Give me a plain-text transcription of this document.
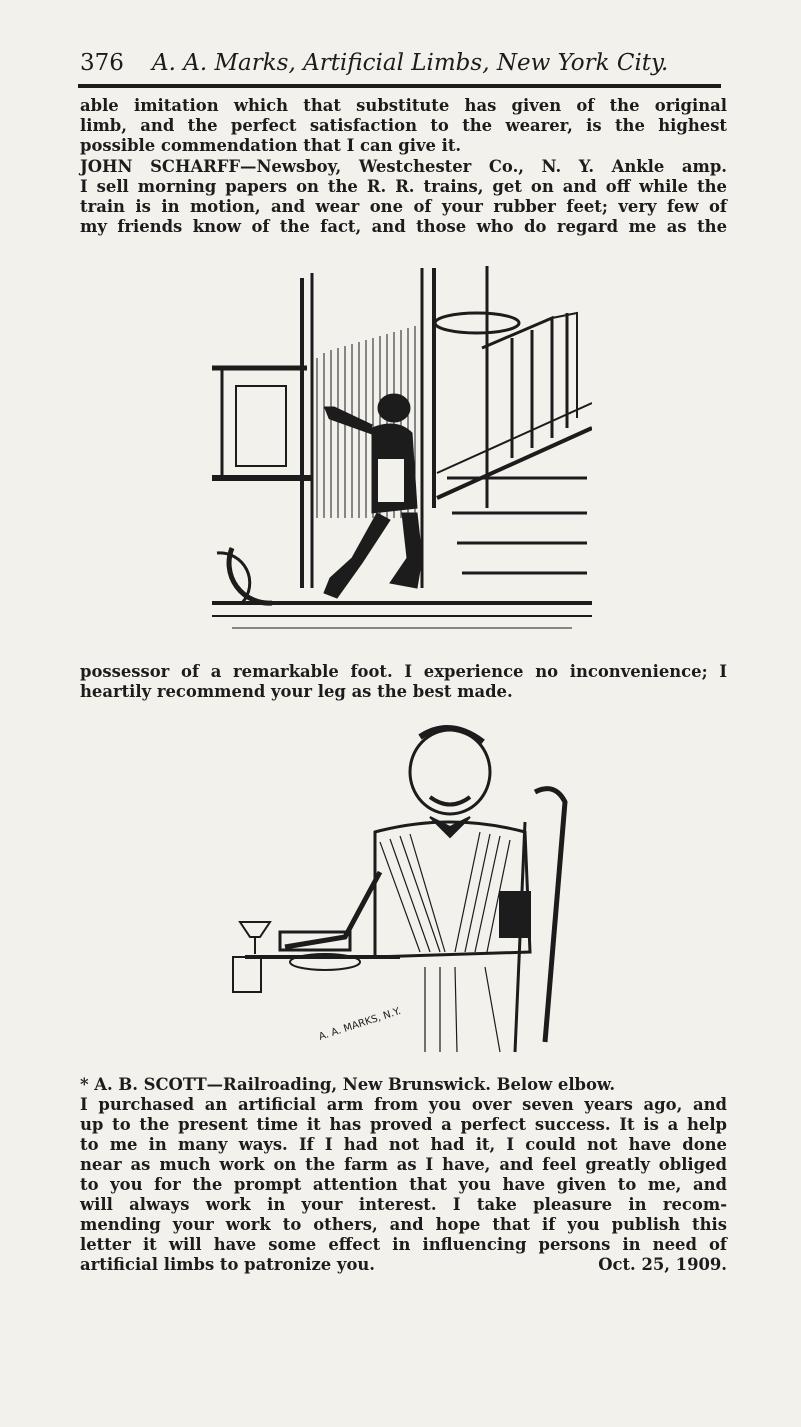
376 A. A. Marks, Artificial Limbs, New York City.
able imitation which that substitute has given of the original
limb, and the perfect satisfaction to the wearer, is the highest
possible commendation that I can give it.
JOHN SCHARFF—Newsboy, Westchester Co., N. Y. Ankle amp.
I sell morning papers on the R. R. trains, get on and off while the
train is in motion, and wear one of your rubber feet; very few of
my friends know of the fact, and those who do regard me as the
possessor of a remarkable foot. I experience no inconvenience; I
heartily recommend your leg as the best made.
A. A. MARKS, N.Y.
* A. B. SCOTT—Railroading, New Brunswick. Below elbow.
I purchased an artificial arm from you over seven years ago, and
up to the present time it has proved a perfect success. It is a help
to me in many ways. If I had not had it, I could not have done
near as much work on the farm as I have, and feel greatly obliged
to you for the prompt attention that you have given to me, and
will always work in your interest. I take pleasure in recom-
mending your work to others, and hope that if you publish this
letter it will have some effect in influencing persons in need of
artificial limbs to patronize you.	Oct. 25, 1909.
